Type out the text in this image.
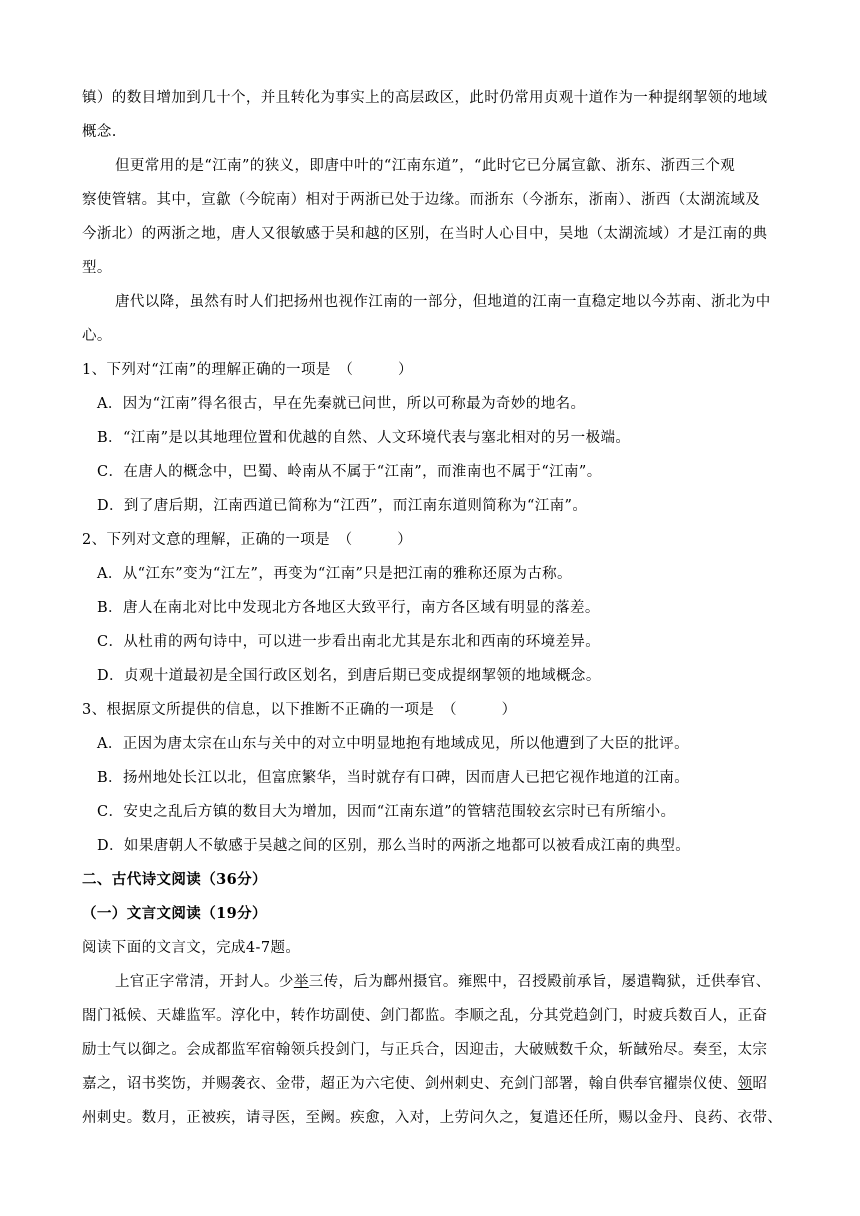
镇）的数目增加到几十个，并且转化为事实上的高层政区，此时仍常用贞观十道作为一种提纲挈领的地域
概念.
但更常用的是“江南”的狭义，即唐中叶的“江南东道”，“此时它已分属宣歙、浙东、浙西三个观
察使管辖。其中，宣歙（今皖南）相对于两浙已处于边缘。而浙东（今浙东，浙南）、浙西（太湖流域及
今浙北）的两浙之地，唐人又很敏感于吴和越的区别，在当时人心目中，吴地（太湖流域）才是江南的典
型。
唐代以降，虽然有时人们把扬州也视作江南的一部分，但地道的江南一直稳定地以今苏南、浙北为中
心。
1、下列对“江南”的理解正确的一项是　（　　　）
A．因为“江南”得名很古，早在先秦就已问世，所以可称最为奇妙的地名。
B．“江南”是以其地理位置和优越的自然、人文环境代表与塞北相对的另一极端。
C．在唐人的概念中，巴蜀、岭南从不属于“江南”，而淮南也不属于“江南”。
D．到了唐后期，江南西道已简称为“江西”，而江南东道则简称为“江南”。
2、下列对文意的理解，正确的一项是　（　　　）
A．从“江东”变为“江左”，再变为“江南”只是把江南的雅称还原为古称。
B．唐人在南北对比中发现北方各地区大致平行，南方各区域有明显的落差。
C．从杜甫的两句诗中，可以进一步看出南北尤其是东北和西南的环境差异。
D．贞观十道最初是全国行政区划名，到唐后期已变成提纲挈领的地域概念。
3、根据原文所提供的信息，以下推断不正确的一项是　（　　　）
A．正因为唐太宗在山东与关中的对立中明显地抱有地域成见，所以他遭到了大臣的批评。
B．扬州地处长江以北，但富庶繁华，当时就存有口碑，因而唐人已把它视作地道的江南。
C．安史之乱后方镇的数目大为增加，因而“江南东道”的管辖范围较玄宗时已有所缩小。
D．如果唐朝人不敏感于吴越之间的区别，那么当时的两浙之地都可以被看成江南的典型。
二、古代诗文阅读（36分）
（一）文言文阅读（19分）
阅读下面的文言文，完成4-7题。
上官正字常清，开封人。少举三传，后为鄜州摄官。雍熙中，召授殿前承旨，屡遣鞫狱，迁供奉官、
閤门祗候、天雄监军。淳化中，转作坊副使、剑门都监。李顺之乱，分其党趋剑门，时疲兵数百人，正奋
励士气以御之。会成都监军宿翰领兵投剑门，与正兵合，因迎击，大破贼数千众，斩馘殆尽。奏至，太宗
嘉之，诏书奖饬，并赐袭衣、金带，超正为六宅使、剑州刺史、充剑门部署，翰自供奉官擢崇仪使、领昭
州刺史。数月，正被疾，请寻医，至阙。疾愈，入对，上劳问久之，复遣还任所，赐以金丹、良药、衣带、
